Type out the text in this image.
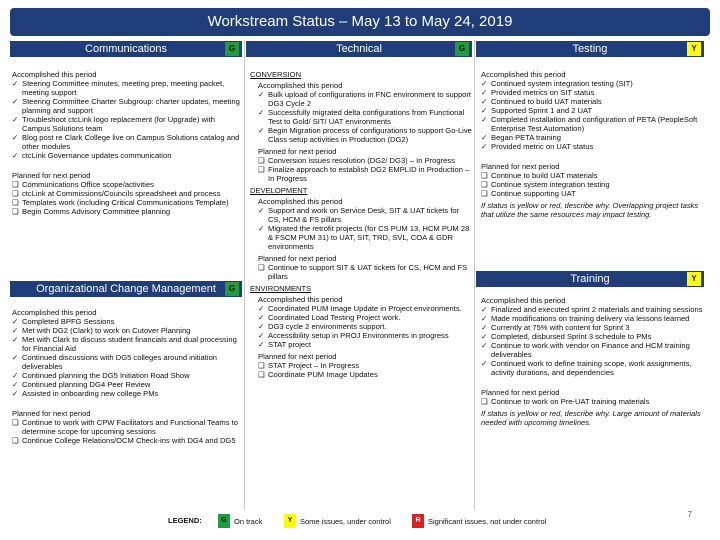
Workstream Status – May 13 to May 24, 2019
Communications	G	Technical	G	Testing	Y
Organizational Change Management	G
Training	Y
Accomplished this period
✓ Steering Committee minutes, meeting prep, meeting packet, meeting support
✓ Steering Committee Charter Subgroup: charter updates, meeting planning and support
✓ Troubleshoot ctcLink logo replacement (for Upgrade) with Campus Solutions team
✓ Blog post re Clark College live on Campus Solutions catalog and other modules
✓ ctcLink Governance updates communication
Planned for next period
❑ Communications Office scope/activities
❑ ctcLink at Commissions/Councils spreadsheet and process
❑ Templates work (including Critical Communications Template)
❑ Begin Comms Advisory Committee planning
Accomplished this period
✓ Completed BPFG Sessions
✓ Met with DG2 (Clark) to work on Cutover Planning
✓ Met with Clark to discuss student financials and dual processing for Financial Aid
✓ Continued discussions with DG5 colleges around initiation deliverables
✓ Continued planning the DG5 Initiation Road Show
✓ Continued planning DG4 Peer Review
✓ Assisted in onboarding new college PMs
Planned for next period
❑ Continue to work with CPW Facilitators and Functional Teams to determine scope for upcoming sessions
❑ Continue College Relations/OCM Check-ins with DG4 and DG5
CONVERSION
Accomplished this period
✓ Bulk upload of configurations in FNC environment to support DG3 Cycle 2
✓ Successfully migrated delta configurations from Functional Test to Gold/ SIT/ UAT environments
✓ Begin Migration process of configurations to support Go-Live Class setup activities in Production (DG2)
Planned for next period
❑ Conversion issues resolution (DG2/ DG3) – In Progress
❑ Finalize approach to establish DG2 EMPLID in Production – In Progress
DEVELOPMENT
Accomplished this period
✓ Support and work on Service Desk, SIT & UAT tickets for CS, HCM & FS pillars
✓ Migrated the retrofit projects (for CS PUM 13, HCM PUM 28 & FSCM PUM 31) to UAT, SIT, TRD, SVL, COA & GDR environments
Planned for next period
❑ Continue to support SIT & UAT tickets for CS, HCM and FS pillars
ENVIRONMENTS
Accomplished this period
✓ Coordinated PUM Image Update in Project environments.
✓ Coordinated Load Testing Project work.
✓ DG3 cycle 2 environments support.
✓ Accessibility setup in PROJ Environments in progress
✓ STAT project
Planned for next period
❑ STAT Project – In Progress
❑ Coordinate PUM Image Updates
Accomplished this period
✓ Continued system integration testing (SIT)
✓ Provided metrics on SIT status
✓ Continued to build UAT materials
✓ Supported Sprint 1 and 2 UAT
✓ Completed installation and configuration of PETA (PeopleSoft Enterprise Test Automation)
✓ Began PETA training
✓ Provided metric on UAT status
Planned for next period
❑ Continue to build UAT materials
❑ Continue system integration testing
❑ Continue supporting UAT
If status is yellow or red, describe why. Overlapping project tasks that utilize the same resources may impact testing.
Accomplished this period
✓ Finalized and executed sprint 2 materials and training sessions
✓ Made modifications on training delivery via lessons learned
✓ Currently at 75% with content for Sprint 3
✓ Completed, disbursed Sprint 3 schedule to PMs
✓ Continue to work with vendor on Finance and HCM training deliverables
✓ Continued work to define training scope, work assignments, activity durations, and dependencies
Planned for next period
❑ Continue to work on Pre-UAT training materials
If status is yellow or red, describe why. Large amount of materials needed with upcoming timelines.
LEGEND:	G On track	Y	Some issues, under control	R Significant issues, not under control
7
